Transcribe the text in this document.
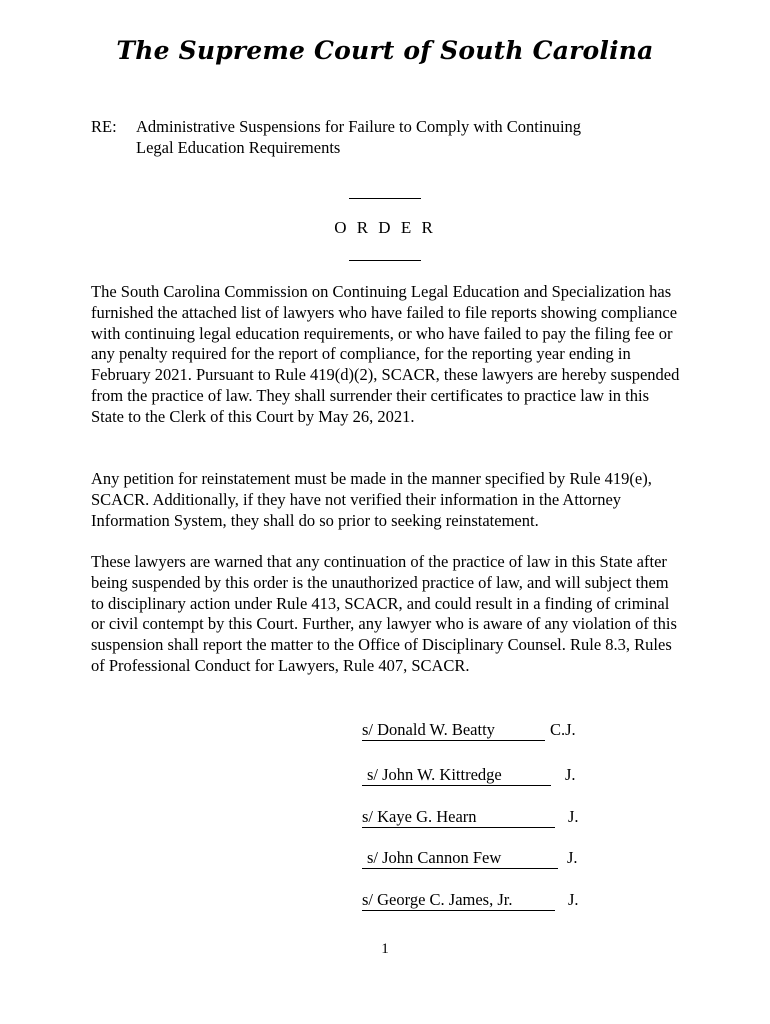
The Supreme Court of South Carolina
RE: Administrative Suspensions for Failure to Comply with Continuing
Legal Education Requirements
O R D E R
The South Carolina Commission on Continuing Legal Education and Specialization has furnished the attached list of lawyers who have failed to file reports showing compliance with continuing legal education requirements, or who have failed to pay the filing fee or any penalty required for the report of compliance, for the reporting year ending in February 2021. Pursuant to Rule 419(d)(2), SCACR, these lawyers are hereby suspended from the practice of law. They shall surrender their certificates to practice law in this State to the Clerk of this Court by May 26, 2021.
Any petition for reinstatement must be made in the manner specified by Rule 419(e), SCACR. Additionally, if they have not verified their information in the Attorney Information System, they shall do so prior to seeking reinstatement.
These lawyers are warned that any continuation of the practice of law in this State after being suspended by this order is the unauthorized practice of law, and will subject them to disciplinary action under Rule 413, SCACR, and could result in a finding of criminal or civil contempt by this Court. Further, any lawyer who is aware of any violation of this suspension shall report the matter to the Office of Disciplinary Counsel. Rule 8.3, Rules of Professional Conduct for Lawyers, Rule 407, SCACR.
s/ Donald W. Beatty	C.J.
s/ John W. Kittredge	J.
s/ Kaye G. Hearn	J.
s/ John Cannon Few	J.
s/ George C. James, Jr.	J.
1
